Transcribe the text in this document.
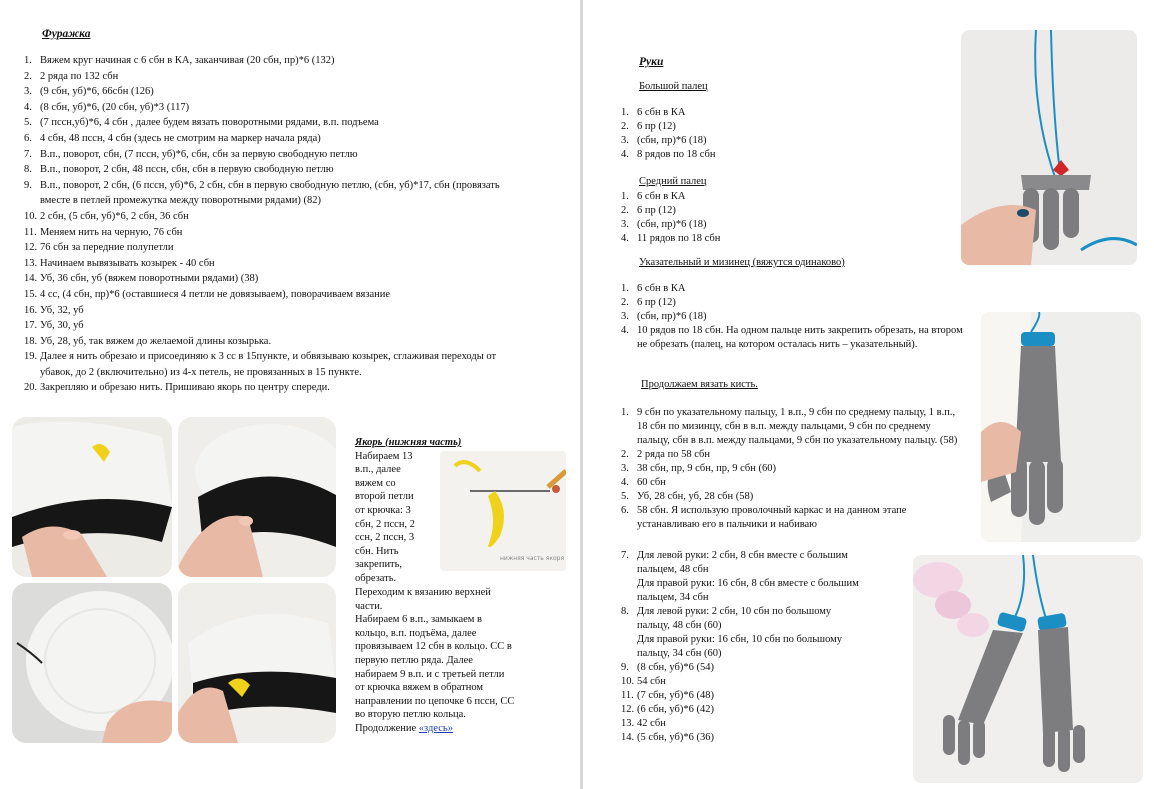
Фуражка
1. Вяжем круг начиная с 6 сбн в КА, заканчивая (20 сбн, пр)*6 (132)
2. 2 ряда по 132 сбн
3. (9 сбн, уб)*6, 66сбн (126)
4. (8 сбн, уб)*6, (20 сбн, уб)*3 (117)
5. (7 пссн,уб)*6, 4 сбн , далее будем вязать поворотными рядами, в.п. подъема
6. 4 сбн, 48 пссн, 4 сбн (здесь не смотрим на маркер начала ряда)
7. В.п., поворот, сбн, (7 пссн, уб)*6, сбн, сбн за первую свободную петлю
8. В.п., поворот, 2 сбн, 48 пссн, сбн, сбн в первую свободную петлю
9. В.п., поворот, 2 сбн, (6 пссн, уб)*6, 2 сбн, сбн в первую свободную петлю, (сбн, уб)*17, сбн (провязать вместе в петлей промежутка между поворотными рядами) (82)
10. 2 сбн, (5 сбн, уб)*6, 2 сбн, 36 сбн
11. Меняем нить на черную, 76 сбн
12. 76 сбн за передние полупетли
13. Начинаем вывязывать козырек - 40 сбн
14. Уб, 36 сбн, уб (вяжем поворотными рядами) (38)
15. 4 сс, (4 сбн, пр)*6 (оставшиеся 4 петли не довязываем), поворачиваем вязание
16. Уб, 32, уб
17. Уб, 30, уб
18. Уб, 28, уб, так вяжем до желаемой длины козырька.
19. Далее я нить обрезаю и присоединяю к 3 сс в 15пункте, и обвязываю козырек, сглаживая переходы от убавок, до 2 (включительно) из 4-х петель, не провязанных в 15 пункте.
20. Закрепляю и обрезаю нить. Пришиваю якорь по центру спереди.
Якорь (нижняя часть)
Набираем 13
в.п., далее
вяжем со
второй петли
от крючка: 3
сбн, 2 пссн, 2
ссн, 2 пссн, 3
сбн. Нить
закрепить,
обрезать.
нижняя часть якоря
Переходим к вязанию верхней
части.
Набираем 6 в.п., замыкаем в
кольцо, в.п. подъёма, далее
провязываем 12 сбн в кольцо. СС в
первую петлю ряда. Далее
набираем 9 в.п. и с третьей петли
от крючка вяжем в обратном
направлении по цепочке 6 пссн, СС
во вторую петлю кольца.
Продолжение «здесь»
Руки
Большой палец
1. 6 сбн в КА
2. 6 пр (12)
3. (сбн, пр)*6 (18)
4. 8 рядов по 18 сбн
Средний палец
1. 6 сбн в КА
2. 6 пр (12)
3. (сбн, пр)*6 (18)
4. 11 рядов по 18 сбн
Указательный и мизинец (вяжутся одинаково)
1. 6 сбн в КА
2. 6 пр (12)
3. (сбн, пр)*6 (18)
4. 10 рядов по 18 сбн. На одном пальце нить закрепить обрезать, на втором не обрезать (палец, на котором осталась нить – указательный).
Продолжаем вязать кисть.
1. 9 сбн по указательному пальцу, 1 в.п., 9 сбн по среднему пальцу, 1 в.п., 18 сбн по мизинцу, сбн в в.п. между пальцами, 9 сбн по среднему пальцу, сбн в в.п. между пальцами, 9 сбн по указательному пальцу. (58)
2. 2 ряда по 58 сбн
3. 38 сбн, пр, 9 сбн, пр, 9 сбн (60)
4. 60 сбн
5. Уб, 28 сбн, уб, 28 сбн (58)
6. 58 сбн. Я использую проволочный каркас и на данном этапе устанавливаю его в пальчики и набиваю
7. Для левой руки: 2 сбн, 8 сбн вместе с большим
пальцем, 48 сбн
Для правой руки: 16 сбн, 8 сбн вместе с большим
пальцем, 34 сбн
8. Для левой руки: 2 сбн, 10 сбн по большому
пальцу, 48 сбн (60)
Для правой руки: 16 сбн, 10 сбн по большому
пальцу, 34 сбн (60)
9. (8 сбн, уб)*6 (54)
10. 54 сбн
11. (7 сбн, уб)*6 (48)
12. (6 сбн, уб)*6 (42)
13. 42 сбн
14. (5 сбн, уб)*6 (36)
